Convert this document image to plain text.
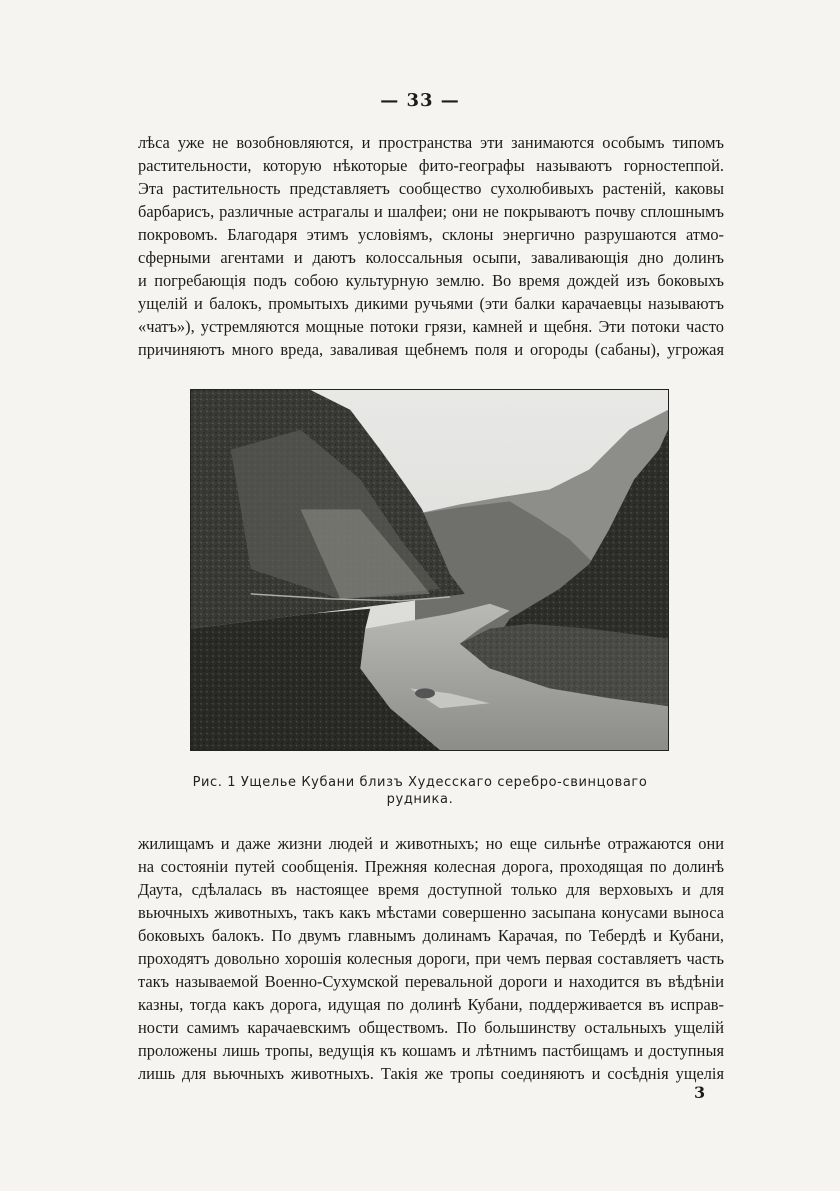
— 33 —
лѣса уже не возобновляются, и пространства эти занимаются особымъ типомъ
растительности, которую нѣкоторые фито-географы называютъ горностеппой.
Эта растительность представляетъ сообщество сухолюбивыхъ растеній, каковы
барбарисъ, различные астрагалы и шалфеи; они не покрываютъ почву сплошнымъ
покровомъ. Благодаря этимъ условіямъ, склоны энергично разрушаются атмо-
сферными агентами и даютъ колоссальныя осыпи, заваливающія дно долинъ
и погребающія подъ собою культурную землю. Во время дождей изъ боковыхъ
ущелій и балокъ, промытыхъ дикими ручьями (эти балки карачаевцы называютъ
«чатъ»), устремляются мощные потоки грязи, камней и щебня. Эти потоки часто
причиняютъ много вреда, заваливая щебнемъ поля и огороды (сабаны), угрожая
Рис. 1 Ущелье Кубани близъ Худесскаго серебро-свинцоваго
рудника.
жилищамъ и даже жизни людей и животныхъ; но еще сильнѣе отражаются они
на состояніи путей сообщенія. Прежняя колесная дорога, проходящая по долинѣ
Даута, сдѣлалась въ настоящее время доступной только для верховыхъ и для
вьючныхъ животныхъ, такъ какъ мѣстами совершенно засыпана конусами выноса
боковыхъ балокъ. По двумъ главнымъ долинамъ Карачая, по Тебердѣ и Кубани,
проходятъ довольно хорошія колесныя дороги, при чемъ первая составляетъ часть
такъ называемой Военно-Сухумской перевальной дороги и находится въ вѣдѣніи
казны, тогда какъ дорога, идущая по долинѣ Кубани, поддерживается въ исправ-
ности самимъ карачаевскимъ обществомъ. По большинству остальныхъ ущелій
проложены лишь тропы, ведущія къ кошамъ и лѣтнимъ пастбищамъ и доступныя
лишь для вьючныхъ животныхъ. Такія же тропы соединяютъ и сосѣднія ущелія
3
